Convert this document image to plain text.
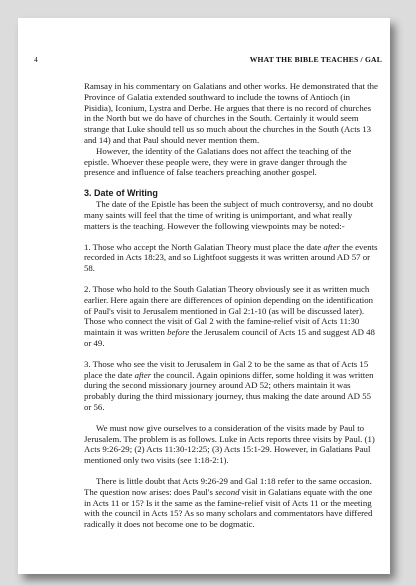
4	WHAT THE BIBLE TEACHES / GAL

Ramsay in his commentary on Galatians and other works. He demonstrated that the Province of Galatia extended southward to include the towns of Antioch (in Pisidia), Iconium, Lystra and Derbe. He argues that there is no record of churches in the North but we do have of churches in the South. Certainly it would seem strange that Luke should tell us so much about the churches in the South (Acts 13 and 14) and that Paul should never mention them.

However, the identity of the Galatians does not affect the teaching of the epistle. Whoever these people were, they were in grave danger through the presence and influence of false teachers preaching another gospel.

3. Date of Writing

The date of the Epistle has been the subject of much controversy, and no doubt many saints will feel that the time of writing is unimportant, and what really matters is the teaching. However the following viewpoints may be noted:-

1. Those who accept the North Galatian Theory must place the date after the events recorded in Acts 18:23, and so Lightfoot suggests it was written around AD 57 or 58.

2. Those who hold to the South Galatian Theory obviously see it as written much earlier. Here again there are differences of opinion depending on the identification of Paul's visit to Jerusalem mentioned in Gal 2:1-10 (as will be discussed later). Those who connect the visit of Gal 2 with the famine-relief visit of Acts 11:30 maintain it was written before the Jerusalem council of Acts 15 and suggest AD 48 or 49.

3. Those who see the visit to Jerusalem in Gal 2 to be the same as that of Acts 15 place the date after the council. Again opinions differ, some holding it was written during the second missionary journey around AD 52; others maintain it was probably during the third missionary journey, thus making the date around AD 55 or 56.

We must now give ourselves to a consideration of the visits made by Paul to Jerusalem. The problem is as follows. Luke in Acts reports three visits by Paul. (1) Acts 9:26-29; (2) Acts 11:30-12:25; (3) Acts 15:1-29. However, in Galatians Paul mentioned only two visits (see 1:18-2:1).

There is little doubt that Acts 9:26-29 and Gal 1:18 refer to the same occasion. The question now arises: does Paul's second visit in Galatians equate with the one in Acts 11 or 15? Is it the same as the famine-relief visit of Acts 11 or the meeting with the council in Acts 15? As so many scholars and commentators have differed radically it does not become one to be dogmatic.
